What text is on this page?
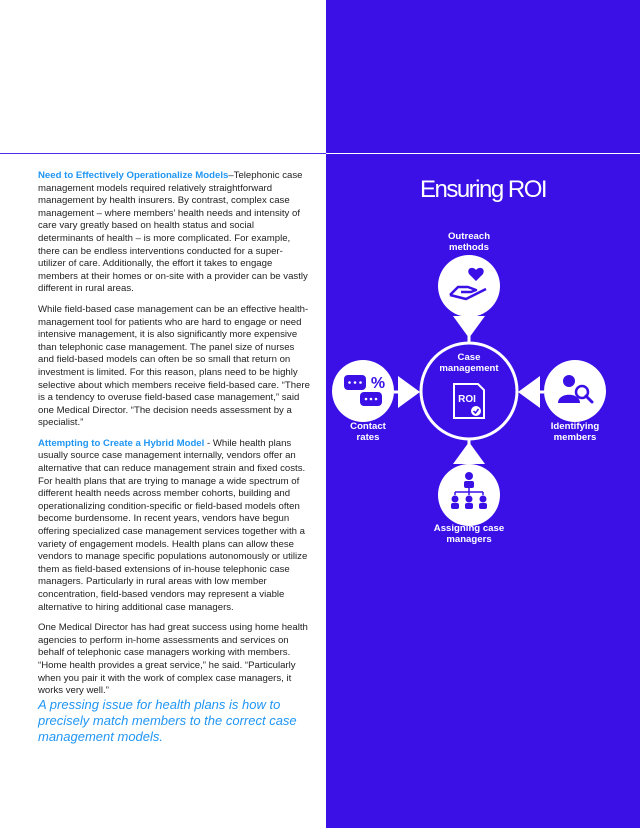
Need to Effectively Operationalize Models–Telephonic case management models required relatively straightforward management by health insurers. By contrast, complex case management – where members’ health needs and intensity of care vary greatly based on health status and social determinants of health – is more complicated. For example, there can be endless interventions conducted for a super-utilizer of care. Additionally, the effort it takes to engage members at their homes or on-site with a provider can be vastly different in rural areas.

While field-based case management can be an effective health-management tool for patients who are hard to engage or need intensive management, it is also significantly more expensive than telephonic case management. The panel size of nurses and field-based models can often be so small that return on investment is limited. For this reason, plans need to be highly selective about which members receive field-based care. “There is a tendency to overuse field-based case management,” said one Medical Director. “The decision needs assessment by a specialist.”

Attempting to Create a Hybrid Model - While health plans usually source case management internally, vendors offer an alternative that can reduce management strain and fixed costs. For health plans that are trying to manage a wide spectrum of different health needs across member cohorts, building and operationalizing condition-specific or field-based models often become burdensome. In recent years, vendors have begun offering specialized case management services together with a variety of engagement models. Health plans can allow these vendors to manage specific populations autonomously or utilize them as field-based extensions of in-house telephonic case managers. Particularly in rural areas with low member concentration, field-based vendors may represent a viable alternative to hiring additional case managers.

One Medical Director has had great success using home health agencies to perform in-home assessments and services on behalf of telephonic case managers working with members. “Home health provides a great service,” he said. “Particularly when you pair it with the work of complex case managers, it works very well.”

A pressing issue for health plans is how to precisely match members to the correct case management models.
Ensuring ROI
ROI
%
Outreach methods
Case management
Contact rates
Identifying members
Assigning case managers
